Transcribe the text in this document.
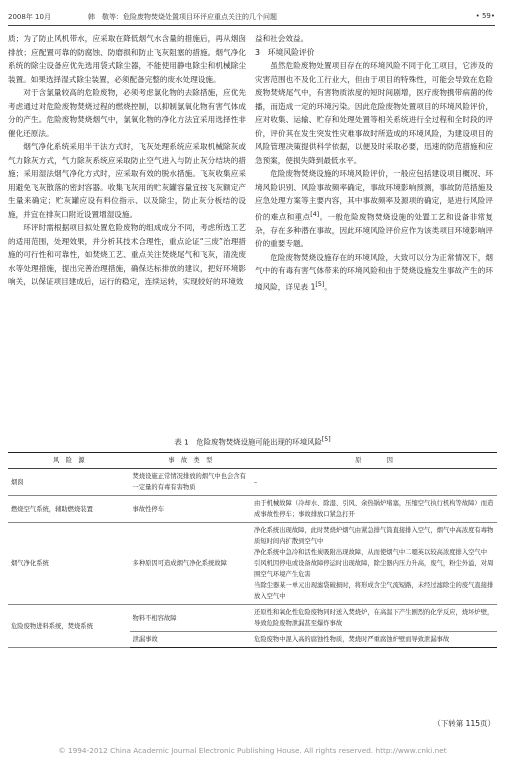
2008年 10月	韩　敬等：危险废物焚烧处置项目环评应重点关注的几个问题	• 59•

质；为了防止风机带水，应采取在降低烟气水含量的措施后，再从烟囱排放；应配置可靠的防腐蚀、防磨损和防止飞灰阻塞的措施。烟气净化系统的除尘设备应优先选用袋式除尘器，不能使用静电除尘和机械除尘装置。如果选择湿式除尘装置，必须配备完整的废水处理设施。

对于含氯量较高的危险废物，必须考虑氯化物的去除措施，应优先考虑通过对危险废物焚烧过程的燃烧控制，以抑制氯氧化物有害气体成分的产生。危险废物焚烧烟气中，氯氧化物的净化方法宜采用选择性非催化还原法。

烟气净化系统采用半干法方式时，飞灰处理系统应采取机械除灰或气力除灰方式，气力除灰系统应采取防止空气进入与防止灰分结块的措施；采用湿法烟气净化方式时，应采取有效的脱水措施。飞灰收集应采用避免飞灰散落的密封容器。收集飞灰用的贮灰罐容量宜按飞灰额定产生量来确定；贮灰罐应设有料位指示、以及除尘，防止灰分板结的设施，并宜在排灰口附近设置增湿设施。

环评时需根据项目拟处置危险废物的组成成分不同，考虑所选工艺的适用范围，处理效果，并分析其技术合理性，重点论证“三废”治理措施的可行性和可靠性，如焚烧工艺、重点关注焚烧尾气和飞灰，清洗废水等处理措施，提出完善治理措施，确保达标排放的建议，把好环境影响关，以保证项目建成后，运行的稳定，连续运转，实现较好的环境效

益和社会效益。

3　环境风险评价

虽然危险废物处置项目存在的环境风险不同于化工项目，它涉及的灾害范围也不及化工行业大，但由于项目的特殊性，可能会导致在危险废物焚烧尾气中，有害物质浓度的短时间剧增，医疗废物携带病菌的传播，而造成一定的环境污染。因此危险废物处置项目的环境风险评价，应对收集、运输、贮存和处理处置等相关系统进行全过程和全时段的评价，评价其在发生突发性灾难事故时所造成的环境风险，为建设项目的风险管理决策提供科学依据，以便及时采取必要，迅速的防范措施和应急预案，使损失降到最低水平。

危险废物焚烧设施的环境风险评价，一般应包括建设项目概况、环境风险识别、风险事故频率确定，事故环境影响预测，事故防范措施及应急处理方案等主要内容，其中事故频率及源项的确定，是进行风险评价的难点和重点[4]。一般危险废物焚烧设施的处置工艺和设备非常复杂，存在多种潜在事故，因此环境风险评价应作为该类项目环境影响评价的重要专题。

危险废物焚烧设施存在的环境风险，大致可以分为正常情况下，烟气中的有毒有害气体带来的环境风险和由于焚烧设施发生事故产生的环境风险，详见表 1[5]。

表 1　危险废物焚烧设施可能出现的环境风险[5]
风　险　源	事　故　类　型	原　　　　因
烟囱	焚烧设施正常情况排放的烟气中也会含有一定量的有毒有害物质	–
燃烧空气系统，辅助燃烧装置	事故性停车	由于机械故障（冷却水、除湿、引风、余热锅炉堵塞，压缩空气执行机构等故障）而造成事故性停车；事故排放口紧急打开
烟气净化系统	多种原因可造成烟气净化系统故障	净化系统出现故障，此时焚烧炉烟气由紧急排气筒直接排入空气，烟气中高浓度有毒物质短时间内扩散到空气中
净化系统中急冷和活性炭吸附出现故障，从而使烟气中二噁英以较高浓度排入空气中
引风机因停电或设备故障停运时出现故障，除尘器内压力升高，废气，粉尘外溢，对周围空气环境产生危害
当除尘器某一单元出现滤袋破损时，将形成含尘气流短路，未经过滤除尘的废气直接排放入空气中
危险废物进料系统，焚烧系统	物料不相容故障	还原性和氧化性危险废物同时送入焚烧炉，在高温下产生剧烈的化学反应，烧坏炉壁，导致危险废物泄漏甚至爆炸事故
	泄漏事故	危险废物中混入高的腐蚀性物质，焚烧时严重腐蚀炉壁而导致泄漏事故
（下转第 115页）
© 1994-2012 China Academic Journal Electronic Publishing House. All rights reserved. http://www.cnki.net
